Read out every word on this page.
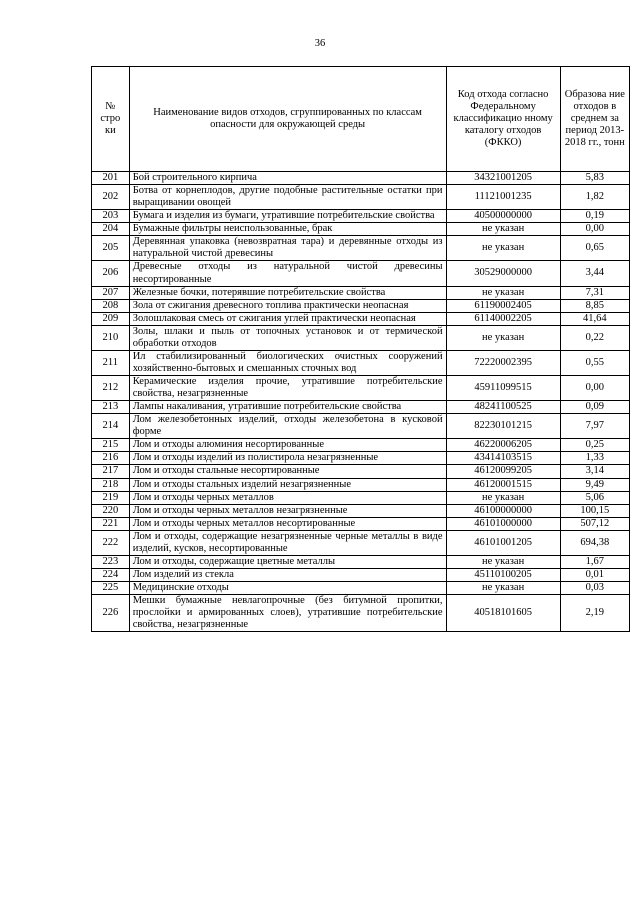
36
№ стро ки	Наименование видов отходов, сгруппированных по классам опасности для окружающей среды	Код отхода согласно Федеральному классификацио нному каталогу отходов (ФККО)	Образова ние отходов в среднем за период 2013-2018 гг., тонн
201	Бой строительного кирпича	34321001205	5,83
202	Ботва от корнеплодов, другие подобные растительные остатки при выращивании овощей	11121001235	1,82
203	Бумага и изделия из бумаги, утратившие потребительские свойства	40500000000	0,19
204	Бумажные фильтры неиспользованные, брак	не указан	0,00
205	Деревянная упаковка (невозвратная тара) и деревянные отходы из натуральной чистой древесины	не указан	0,65
206	Древесные отходы из натуральной чистой древесины несортированные	30529000000	3,44
207	Железные бочки, потерявшие потребительские свойства	не указан	7,31
208	Зола от сжигания древесного топлива практически неопасная	61190002405	8,85
209	Золошлаковая смесь от сжигания углей практически неопасная	61140002205	41,64
210	Золы, шлаки и пыль от топочных установок и от термической обработки отходов	не указан	0,22
211	Ил стабилизированный биологических очистных сооружений хозяйственно-бытовых и смешанных сточных вод	72220002395	0,55
212	Керамические изделия прочие, утратившие потребительские свойства, незагрязненные	45911099515	0,00
213	Лампы накаливания, утратившие потребительские свойства	48241100525	0,09
214	Лом железобетонных изделий, отходы железобетона в кусковой форме	82230101215	7,97
215	Лом и отходы алюминия несортированные	46220006205	0,25
216	Лом и отходы изделий из полистирола незагрязненные	43414103515	1,33
217	Лом и отходы стальные несортированные	46120099205	3,14
218	Лом и отходы стальных изделий незагрязненные	46120001515	9,49
219	Лом и отходы черных металлов	не указан	5,06
220	Лом и отходы черных металлов незагрязненные	46100000000	100,15
221	Лом и отходы черных металлов несортированные	46101000000	507,12
222	Лом и отходы, содержащие незагрязненные черные металлы в виде изделий, кусков, несортированные	46101001205	694,38
223	Лом и отходы, содержащие цветные металлы	не указан	1,67
224	Лом изделий из стекла	45110100205	0,01
225	Медицинские отходы	не указан	0,03
226	Мешки бумажные невлагопрочные (без битумной пропитки, прослойки и армированных слоев), утратившие потребительские свойства, незагрязненные	40518101605	2,19
